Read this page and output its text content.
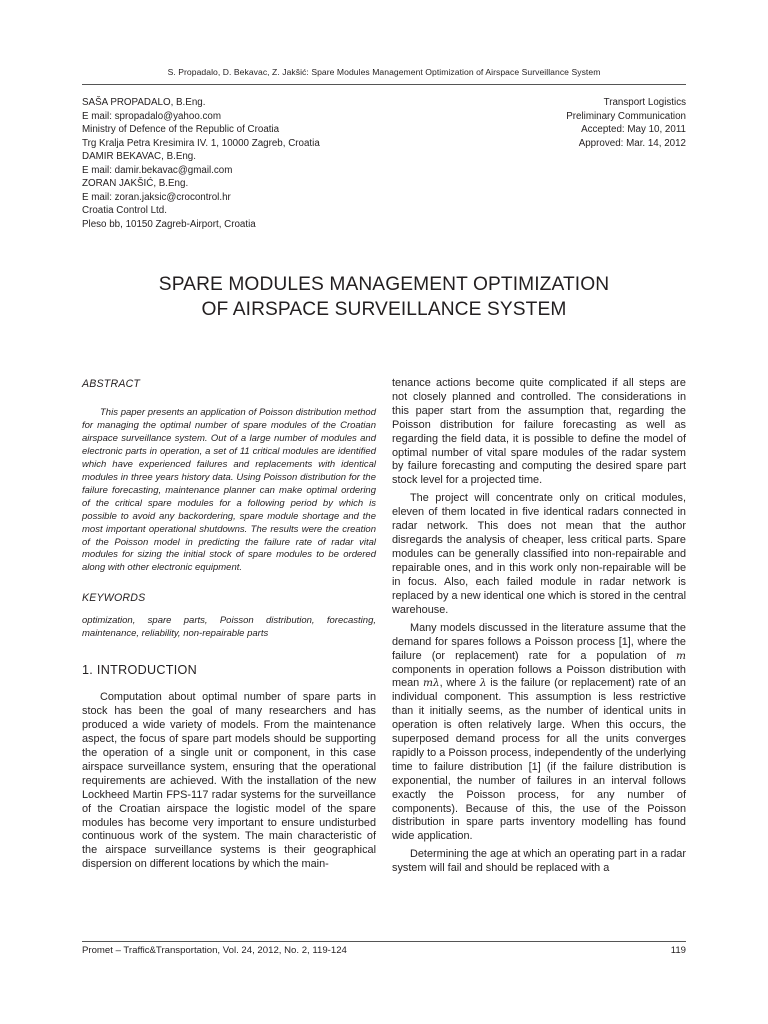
S. Propadalo, D. Bekavac, Z. Jakšić: Spare Modules Management Optimization of Airspace Surveillance System
SAŠA PROPADALO, B.Eng.
E mail: spropadalo@yahoo.com
Ministry of Defence of the Republic of Croatia
Trg Kralja Petra Kresimira IV. 1, 10000 Zagreb, Croatia
DAMIR BEKAVAC, B.Eng.
E mail: damir.bekavac@gmail.com
ZORAN JAKŠIĆ, B.Eng.
E mail: zoran.jaksic@crocontrol.hr
Croatia Control Ltd.
Pleso bb, 10150 Zagreb-Airport, Croatia
Transport Logistics
Preliminary Communication
Accepted: May 10, 2011
Approved: Mar. 14, 2012
SPARE MODULES MANAGEMENT OPTIMIZATION
OF AIRSPACE SURVEILLANCE SYSTEM
ABSTRACT
This paper presents an application of Poisson distribution method for managing the optimal number of spare modules of the Croatian airspace surveillance system. Out of a large number of modules and electronic parts in operation, a set of 11 critical modules are identified which have experienced failures and replacements with identical modules in three years history data. Using Poisson distribution for the failure forecasting, maintenance planner can make optimal ordering of the critical spare modules for a following period by which is possible to avoid any backordering, spare module shortage and the most important operational shutdowns. The results were the creation of the Poisson model in predicting the failure rate of radar vital modules for sizing the initial stock of spare modules to be ordered along with other electronic equipment.
KEYWORDS
optimization, spare parts, Poisson distribution, forecasting, maintenance, reliability, non-repairable parts
1. INTRODUCTION
Computation about optimal number of spare parts in stock has been the goal of many researchers and has produced a wide variety of models. From the maintenance aspect, the focus of spare part models should be supporting the operation of a single unit or component, in this case airspace surveillance system, ensuring that the operational requirements are achieved. With the installation of the new Lockheed Martin FPS-117 radar systems for the surveillance of the Croatian airspace the logistic model of the spare modules has become very important to ensure undisturbed continuous work of the system. The main characteristic of the airspace surveillance systems is their geographical dispersion on different locations by which the main-

tenance actions become quite complicated if all steps are not closely planned and controlled. The considerations in this paper start from the assumption that, regarding the Poisson distribution for failure forecasting as well as regarding the field data, it is possible to define the model of optimal number of vital spare modules of the radar system by failure forecasting and computing the desired spare part stock level for a projected time.

The project will concentrate only on critical modules, eleven of them located in five identical radars connected in radar network. This does not mean that the author disregards the analysis of cheaper, less critical parts. Spare modules can be generally classified into non-repairable and repairable ones, and in this work only non-repairable will be in focus. Also, each failed module in radar network is replaced by a new identical one which is stored in the central warehouse.

Many models discussed in the literature assume that the demand for spares follows a Poisson process [1], where the failure (or replacement) rate for a population of m components in operation follows a Poisson distribution with mean mλ, where λ is the failure (or replacement) rate of an individual component. This assumption is less restrictive than it initially seems, as the number of identical units in operation is often relatively large. When this occurs, the superposed demand process for all the units converges rapidly to a Poisson process, independently of the underlying time to failure distribution [1] (if the failure distribution is exponential, the number of failures in an interval follows exactly the Poisson process, for any number of components). Because of this, the use of the Poisson distribution in spare parts inventory modelling has found wide application.

Determining the age at which an operating part in a radar system will fail and should be replaced with a

Promet – Traffic&Transportation, Vol. 24, 2012, No. 2, 119-124	119
